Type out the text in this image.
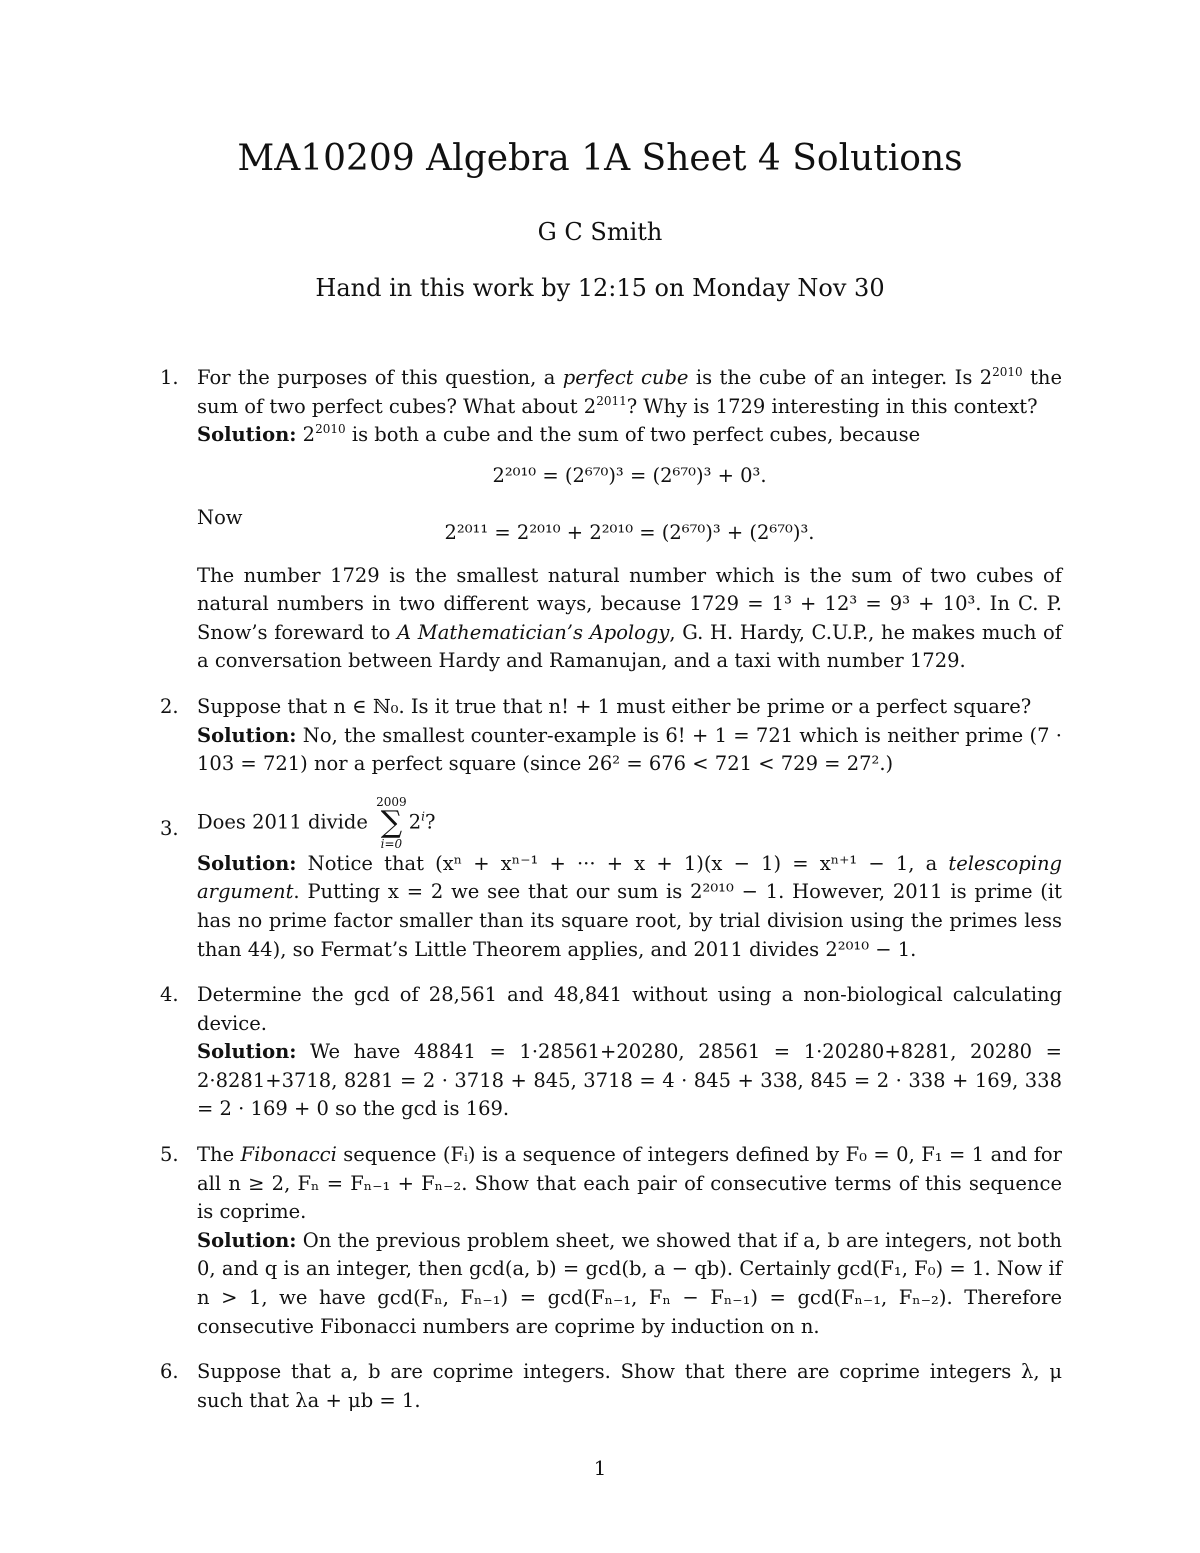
MA10209 Algebra 1A Sheet 4 Solutions
G C Smith
Hand in this work by 12:15 on Monday Nov 30
1. For the purposes of this question, a perfect cube is the cube of an integer. Is $2^{2010}$ the sum of two perfect cubes? What about $2^{2011}$? Why is 1729 interesting in this context?
Solution: $2^{2010}$ is both a cube and the sum of two perfect cubes, because
2²⁰¹⁰ = (2⁶⁷⁰)³ = (2⁶⁷⁰)³ + 0³.
Now
2²⁰¹¹ = 2²⁰¹⁰ + 2²⁰¹⁰ = (2⁶⁷⁰)³ + (2⁶⁷⁰)³.
The number 1729 is the smallest natural number which is the sum of two cubes of natural numbers in two different ways, because 1729 = 1³ + 12³ = 9³ + 10³. In C. P. Snow’s foreward to A Mathematician’s Apology, G. H. Hardy, C.U.P., he makes much of a conversation between Hardy and Ramanujan, and a taxi with number 1729.
2. Suppose that n ∈ ℕ₀. Is it true that n! + 1 must either be prime or a perfect square?
Solution: No, the smallest counter-example is 6! + 1 = 721 which is neither prime (7 · 103 = 721) nor a perfect square (since 26² = 676 < 721 < 729 = 27².)
3. Does 2011 divide
2009
∑
i=0
2$^i$?
Solution: Notice that (xⁿ + xⁿ⁻¹ + ··· + x + 1)(x − 1) = xⁿ⁺¹ − 1, a telescoping argument. Putting x = 2 we see that our sum is 2²⁰¹⁰ − 1. However, 2011 is prime (it has no prime factor smaller than its square root, by trial division using the primes less than 44), so Fermat’s Little Theorem applies, and 2011 divides 2²⁰¹⁰ − 1.
4. Determine the gcd of 28,561 and 48,841 without using a non-biological calculating device.
Solution: We have 48841 = 1·28561+20280, 28561 = 1·20280+8281, 20280 = 2·8281+3718, 8281 = 2 · 3718 + 845, 3718 = 4 · 845 + 338, 845 = 2 · 338 + 169, 338 = 2 · 169 + 0 so the gcd is 169.
5. The Fibonacci sequence (Fᵢ) is a sequence of integers defined by F₀ = 0, F₁ = 1 and for all n ≥ 2, Fₙ = Fₙ₋₁ + Fₙ₋₂. Show that each pair of consecutive terms of this sequence is coprime.
Solution: On the previous problem sheet, we showed that if a, b are integers, not both 0, and q is an integer, then gcd(a, b) = gcd(b, a − qb). Certainly gcd(F₁, F₀) = 1. Now if n > 1, we have gcd(Fₙ, Fₙ₋₁) = gcd(Fₙ₋₁, Fₙ − Fₙ₋₁) = gcd(Fₙ₋₁, Fₙ₋₂). Therefore consecutive Fibonacci numbers are coprime by induction on n.
6. Suppose that a, b are coprime integers. Show that there are coprime integers λ, μ such that λa + μb = 1.
1
